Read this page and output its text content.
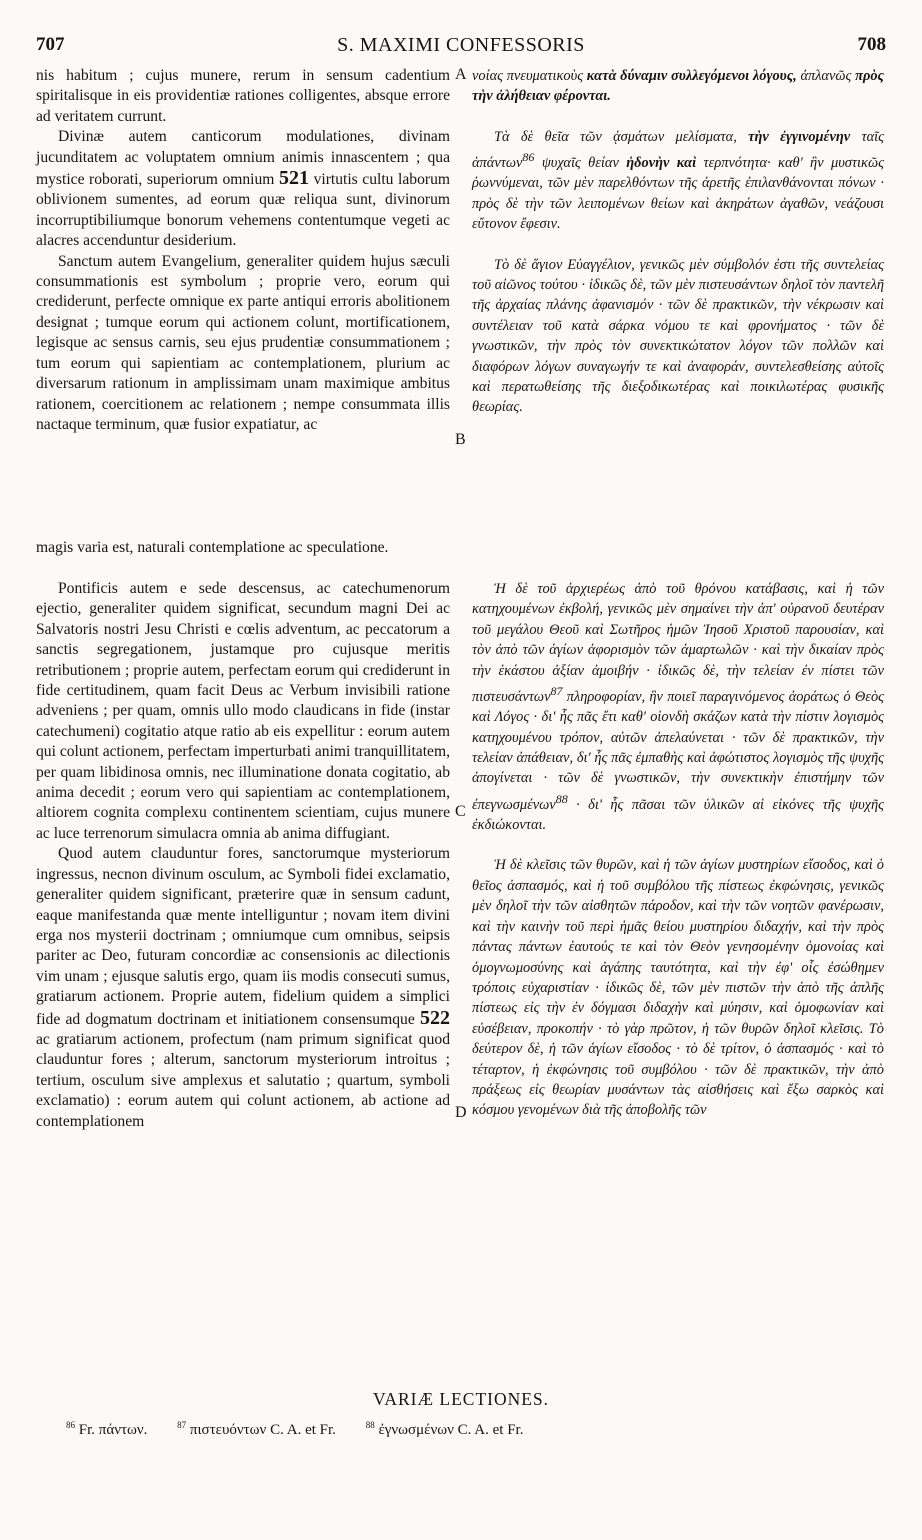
707	S. MAXIMI CONFESSORIS	708

nis habitum ; cujus munere, rerum in sensum cadentium spiritalisque in eis providentiæ rationes colligentes, absque errore ad veritatem currunt.

Divinæ autem canticorum modulationes, divinam jucunditatem ac voluptatem omnium animis innascentem ; qua mystice roborati, superiorum omnium 521 virtutis cultu laborum oblivionem sumentes, ad eorum quæ reliqua sunt, divinorum incorruptibiliumque bonorum vehemens contentumque vegeti ac alacres accenduntur desiderium.

Sanctum autem Evangelium, generaliter quidem hujus sæculi consummationis est symbolum ; proprie vero, eorum qui crediderunt, perfecte omnique ex parte antiqui erroris abolitionem designat ; tumque eorum qui actionem colunt, mortificationem, legisque ac sensus carnis, seu ejus prudentiæ consummationem ; tum eorum qui sapientiam ac contemplationem, plurium ac diversarum rationum in amplissimam unam maximique ambitus rationem, coercitionem ac relationem ; nempe consummata illis nactaque terminum, quæ fusior expatiatur, ac

magis varia est, naturali contemplatione ac speculatione.

Pontificis autem e sede descensus, ac catechumenorum ejectio, generaliter quidem significat, secundum magni Dei ac Salvatoris nostri Jesu Christi e cœlis adventum, ac peccatorum a sanctis segregationem, justamque pro cujusque meritis retributionem ; proprie autem, perfectam eorum qui crediderunt in fide certitudinem, quam facit Deus ac Verbum invisibili ratione adveniens ; per quam, omnis ullo modo claudicans in fide (instar catechumeni) cogitatio atque ratio ab eis expellitur : eorum autem qui colunt actionem, perfectam imperturbati animi tranquillitatem, per quam libidinosa omnis, nec illuminatione donata cogitatio, ab anima decedit ; eorum vero qui sapientiam ac contemplationem, altiorem cognita complexu continentem scientiam, cujus munere ac luce terrenorum simulacra omnia ab anima diffugiant.

Quod autem clauduntur fores, sanctorumque mysteriorum ingressus, necnon divinum osculum, ac Symboli fidei exclamatio, generaliter quidem significant, præterire quæ in sensum cadunt, eaque manifestanda quæ mente intelliguntur ; novam item divini erga nos mysterii doctrinam ; omniumque cum omnibus, seipsis pariter ac Deo, futuram concordiæ ac consensionis ac dilectionis vim unam ; ejusque salutis ergo, quam iis modis consecuti sumus, gratiarum actionem. Proprie autem, fidelium quidem a simplici fide ad dogmatum doctrinam et initiationem consensumque 522 ac gratiarum actionem, profectum (nam primum significat quod clauduntur fores ; alterum, sanctorum mysteriorum introitus ; tertium, osculum sive amplexus et salutatio ; quartum, symboli exclamatio) : eorum autem qui colunt actionem, ab actione ad contemplationem

A
B
C
D

νοίας πνευματικοὺς κατὰ δύναμιν συλλεγόμενοι λόγους, ἀπλανῶς πρὸς τὴν ἀλήθειαν φέρονται.

Τὰ δὲ θεῖα τῶν ᾀσμάτων μελίσματα, τὴν ἐγγινομένην ταῖς ἁπάντων$^{86}$ ψυχαῖς θείαν ἡδονὴν καὶ τερπνότητα· καθ' ἣν μυστικῶς ῥωννύμεναι, τῶν μὲν παρελθόντων τῆς ἀρετῆς ἐπιλανθάνονται πόνων · πρὸς δὲ τὴν τῶν λειπομένων θείων καὶ ἀκηράτων ἀγαθῶν, νεάζουσι εὔτονον ἔφεσιν.

Τὸ δὲ ἅγιον Εὐαγγέλιον, γενικῶς μὲν σύμβολόν ἐστι τῆς συντελείας τοῦ αἰῶνος τούτου · ἰδικῶς δὲ, τῶν μὲν πιστευσάντων δηλοῖ τὸν παντελῆ τῆς ἀρχαίας πλάνης ἀφανισμόν · τῶν δὲ πρακτικῶν, τὴν νέκρωσιν καὶ συντέλειαν τοῦ κατὰ σάρκα νόμου τε καὶ φρονήματος · τῶν δὲ γνωστικῶν, τὴν πρὸς τὸν συνεκτικώτατον λόγον τῶν πολλῶν καὶ διαφόρων λόγων συναγωγήν τε καὶ ἀναφοράν, συντελεσθείσης αὐτοῖς καὶ περατωθείσης τῆς διεξοδικωτέρας καὶ ποικιλωτέρας φυσικῆς θεωρίας.

Ἡ δὲ τοῦ ἀρχιερέως ἀπὸ τοῦ θρόνου κατάβασις, καὶ ἡ τῶν κατηχουμένων ἐκβολή, γενικῶς μὲν σημαίνει τὴν ἀπ' οὐρανοῦ δευτέραν τοῦ μεγάλου Θεοῦ καὶ Σωτῆρος ἡμῶν Ἰησοῦ Χριστοῦ παρουσίαν, καὶ τὸν ἀπὸ τῶν ἁγίων ἀφορισμὸν τῶν ἁμαρτωλῶν · καὶ τὴν δικαίαν πρὸς τὴν ἑκάστου ἀξίαν ἀμοιβήν · ἰδικῶς δὲ, τὴν τελείαν ἐν πίστει τῶν πιστευσάντων$^{87}$ πληροφορίαν, ἣν ποιεῖ παραγινόμενος ἀοράτως ὁ Θεὸς καὶ Λόγος · δι' ἧς πᾶς ἔτι καθ' οἱονδὴ σκάζων κατὰ τὴν πίστιν λογισμὸς κατηχουμένου τρόπον, αὐτῶν ἀπελαύνεται · τῶν δὲ πρακτικῶν, τὴν τελείαν ἀπάθειαν, δι' ἧς πᾶς ἐμπαθὴς καὶ ἀφώτιστος λογισμὸς τῆς ψυχῆς ἀπογίνεται · τῶν δὲ γνωστικῶν, τὴν συνεκτικὴν ἐπιστήμην τῶν ἐπεγνωσμένων$^{88}$ · δι' ἧς πᾶσαι τῶν ὑλικῶν αἱ εἰκόνες τῆς ψυχῆς ἐκδιώκονται.

Ἡ δὲ κλεῖσις τῶν θυρῶν, καὶ ἡ τῶν ἁγίων μυστηρίων εἴσοδος, καὶ ὁ θεῖος ἀσπασμός, καὶ ἡ τοῦ συμβόλου τῆς πίστεως ἐκφώνησις, γενικῶς μὲν δηλοῖ τὴν τῶν αἰσθητῶν πάροδον, καὶ τὴν τῶν νοητῶν φανέρωσιν, καὶ τὴν καινὴν τοῦ περὶ ἡμᾶς θείου μυστηρίου διδαχήν, καὶ τὴν πρὸς πάντας πάντων ἑαυτούς τε καὶ τὸν Θεὸν γενησομένην ὁμονοίας καὶ ὁμογνωμοσύνης καὶ ἀγάπης ταυτότητα, καὶ τὴν ἐφ' οἷς ἐσώθημεν τρόποις εὐχαριστίαν · ἰδικῶς δὲ, τῶν μὲν πιστῶν τὴν ἀπὸ τῆς ἁπλῆς πίστεως εἰς τὴν ἐν δόγμασι διδαχὴν καὶ μύησιν, καὶ ὁμοφωνίαν καὶ εὐσέβειαν, προκοπήν · τὸ γὰρ πρῶτον, ἡ τῶν θυρῶν δηλοῖ κλεῖσις. Τὸ δεύτερον δὲ, ἡ τῶν ἁγίων εἴσοδος · τὸ δὲ τρίτον, ὁ ἀσπασμός · καὶ τὸ τέταρτον, ἡ ἐκφώνησις τοῦ συμβόλου · τῶν δὲ πρακτικῶν, τὴν ἀπὸ πράξεως εἰς θεωρίαν μυσάντων τὰς αἰσθήσεις καὶ ἔξω σαρκὸς καὶ κόσμου γενομένων διὰ τῆς ἀποβολῆς τῶν

VARIÆ LECTIONES.
$^{86}$ Fr. πάντων.	$^{87}$ πιστευόντων C. A. et Fr.	$^{88}$ ἐγνωσμένων C. A. et Fr.
